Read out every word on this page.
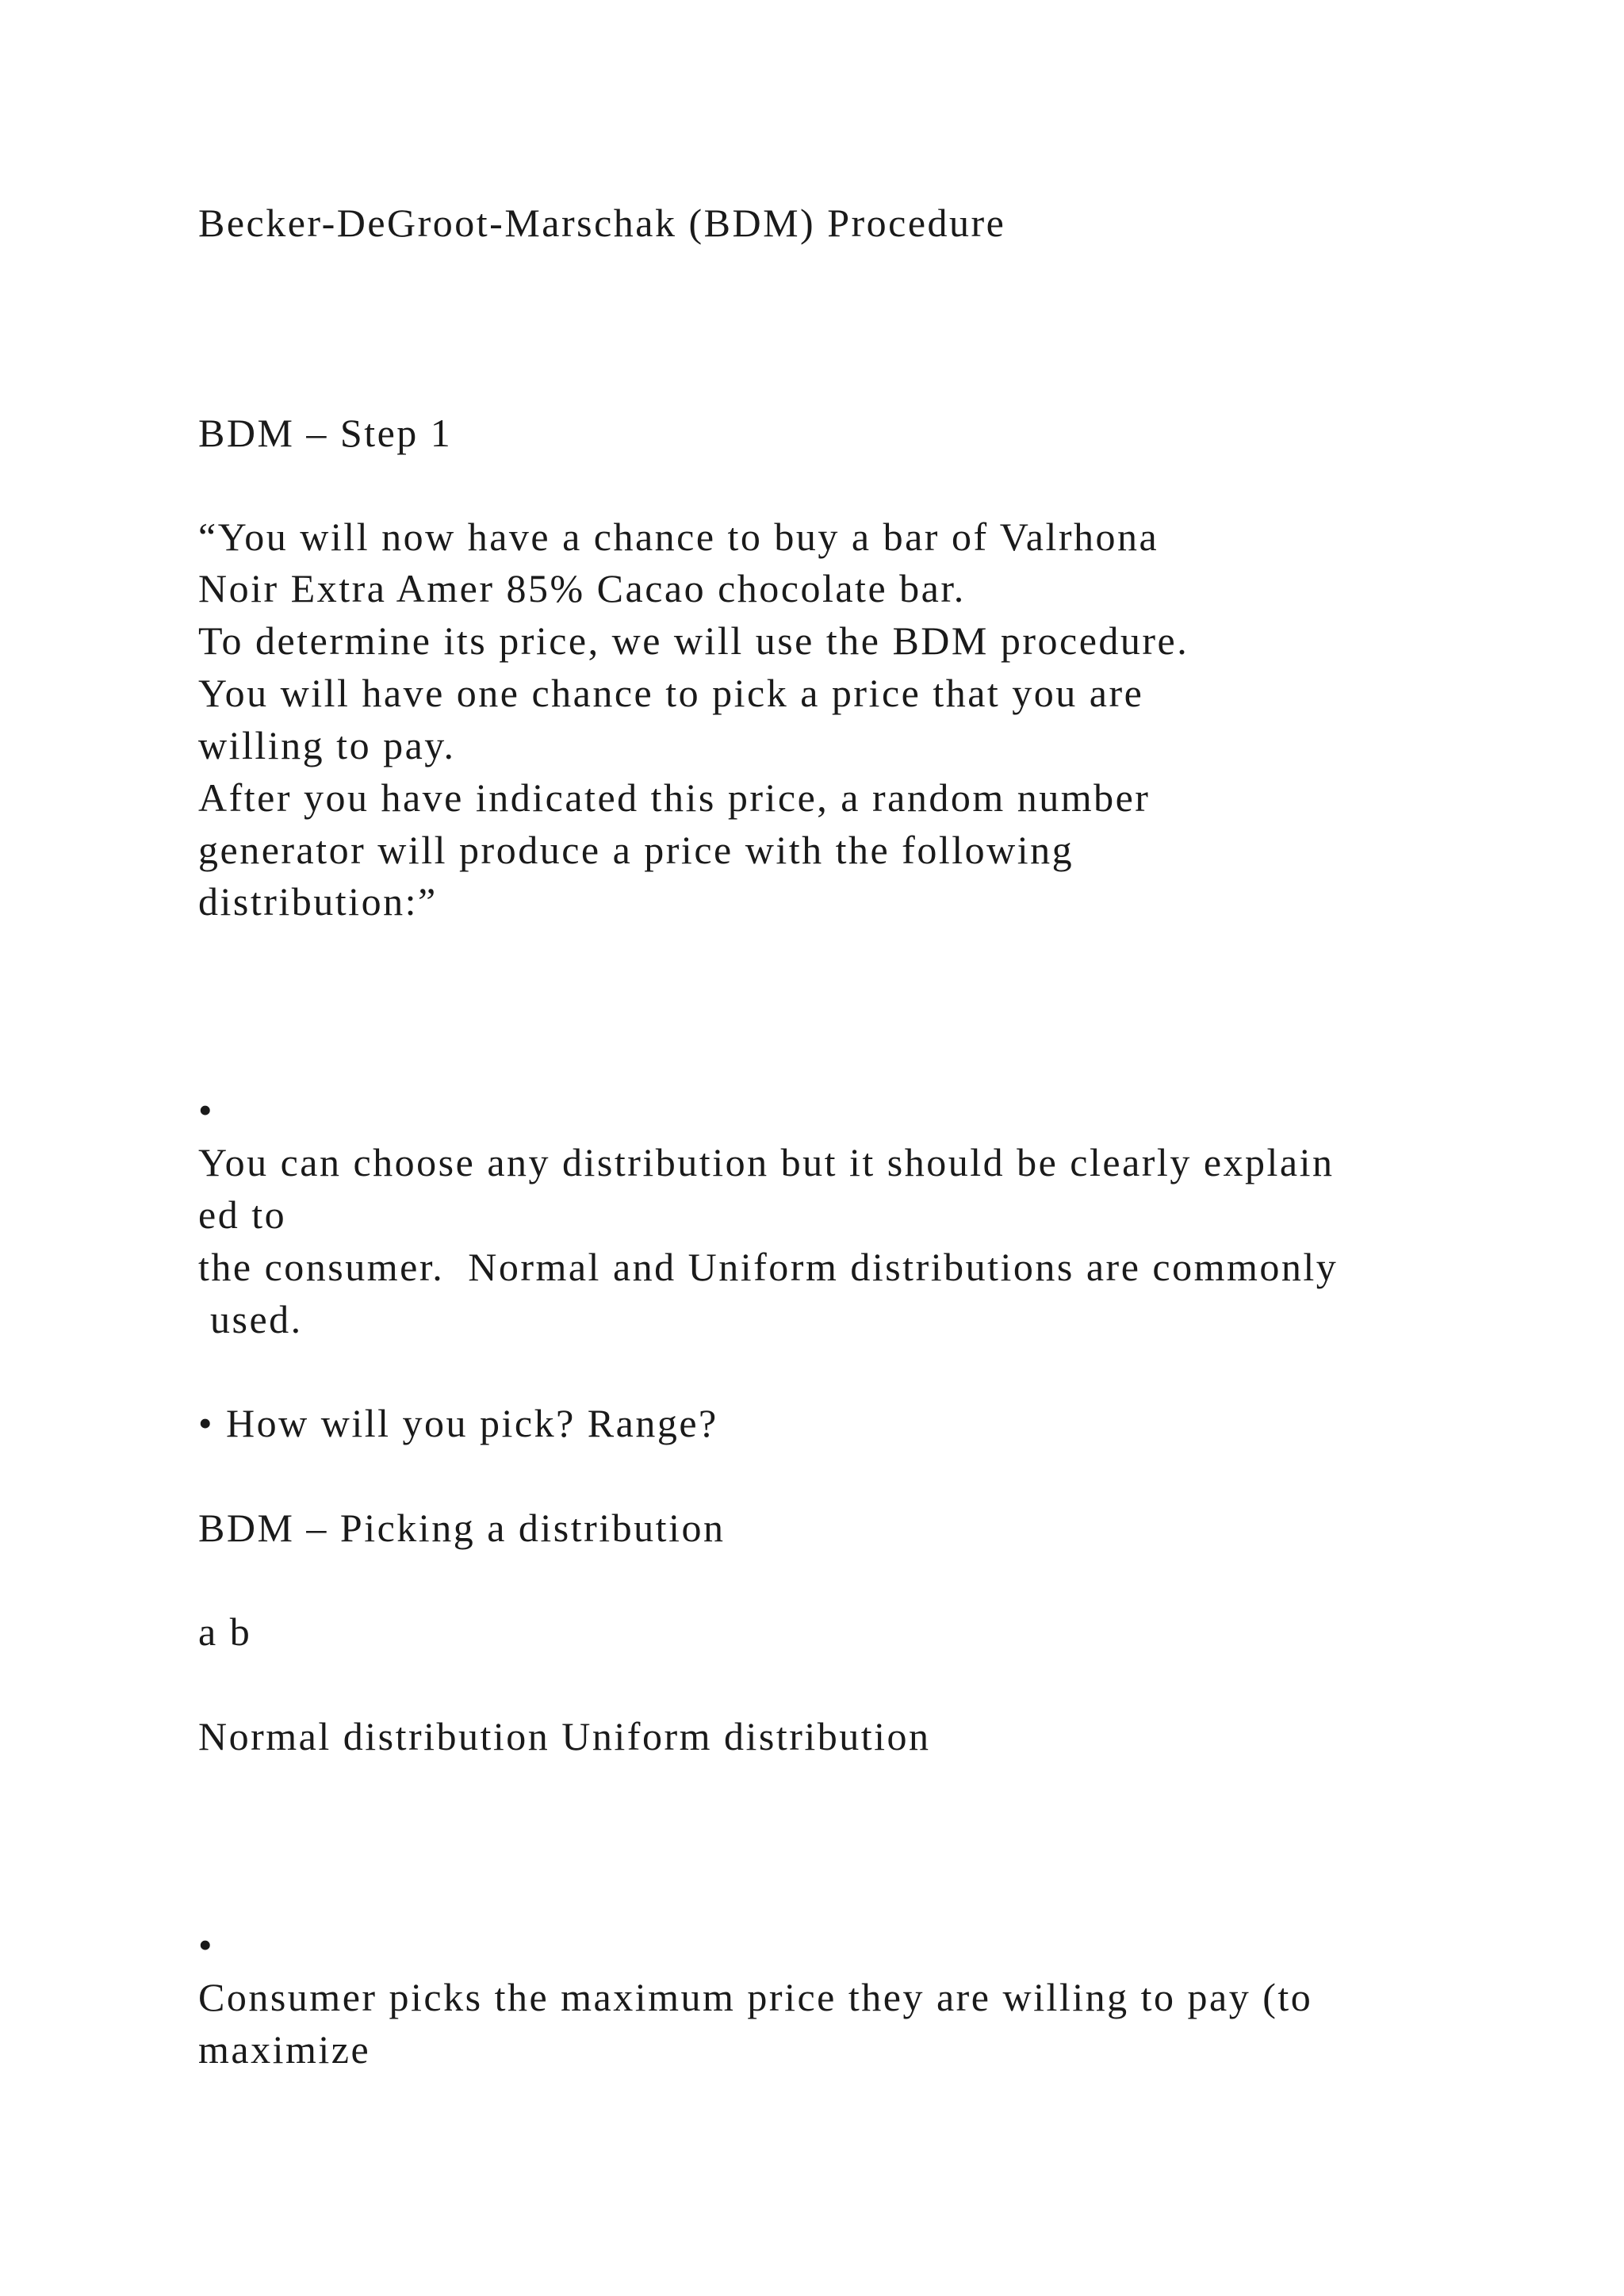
Becker-DeGroot-Marschak (BDM) Procedure

BDM – Step 1

“You will now have a chance to buy a bar of Valrhona

Noir Extra Amer 85% Cacao chocolate bar.

To determine its price, we will use the BDM procedure.

You will have one chance to pick a price that you are

willing to pay.

After you have indicated this price, a random number

generator will produce a price with the following

distribution:”

•

You can choose any distribution but it should be clearly explain

ed to

the consumer.  Normal and Uniform distributions are commonly

used.

• How will you pick? Range?

BDM – Picking a distribution

a b

Normal distribution Uniform distribution

•

Consumer picks the maximum price they are willing to pay (to

maximize
